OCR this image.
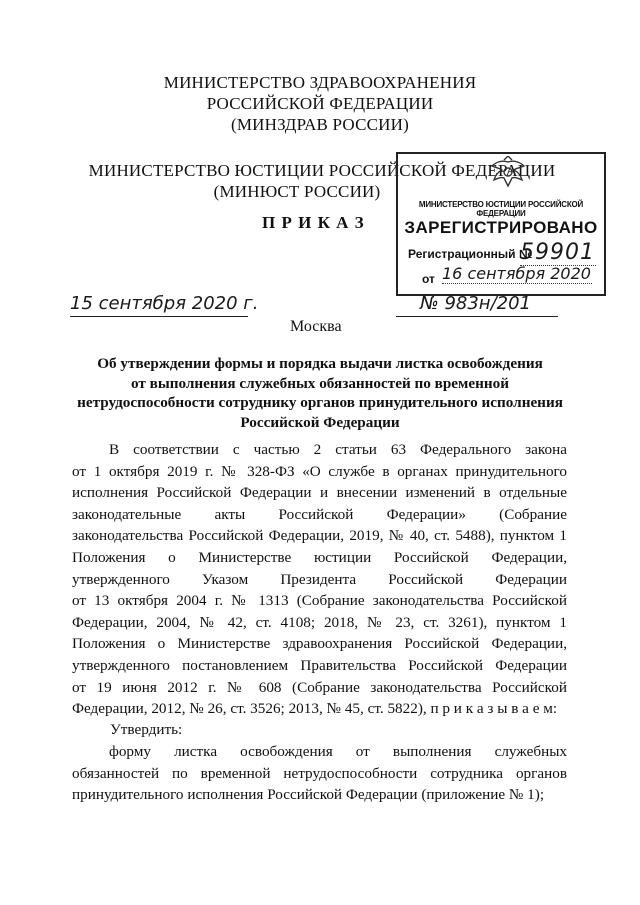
МИНИСТЕРСТВО ЗДРАВООХРАНЕНИЯ
РОССИЙСКОЙ ФЕДЕРАЦИИ
(МИНЗДРАВ РОССИИ)
МИНИСТЕРСТВО ЮСТИЦИИ РОССИЙСКОЙ ФЕДЕРАЦИИ
(МИНЮСТ РОССИИ)
П Р И К А З
МИНИСТЕРСТВО ЮСТИЦИИ РОССИЙСКОЙ ФЕДЕРАЦИИ
ЗАРЕГИСТРИРОВАНО
Регистрационный №
59901
от 16 сентября 2020
15 сентября 2020 г.	№ 983н/201
Москва
Об утверждении формы и порядка выдачи листка освобождения
от выполнения служебных обязанностей по временной
нетрудоспособности сотруднику органов принудительного исполнения
Российской Федерации
В соответствии с частью 2 статьи 63 Федерального закона
от 1 октября 2019 г. № 328-ФЗ «О службе в органах принудительного
исполнения Российской Федерации и внесении изменений в отдельные
законодательные акты Российской Федерации» (Собрание
законодательства Российской Федерации, 2019, № 40, ст. 5488), пунктом 1
Положения о Министерстве юстиции Российской Федерации,
утвержденного Указом Президента Российской Федерации
от 13 октября 2004 г. № 1313 (Собрание законодательства Российской
Федерации, 2004, № 42, ст. 4108; 2018, № 23, ст. 3261), пунктом 1
Положения о Министерстве здравоохранения Российской Федерации,
утвержденного постановлением Правительства Российской Федерации
от 19 июня 2012 г. № 608 (Собрание законодательства Российской
Федерации, 2012, № 26, ст. 3526; 2013, № 45, ст. 5822), п р и к а з ы в а е м:
Утвердить:
форму листка освобождения от выполнения служебных
обязанностей по временной нетрудоспособности сотрудника органов
принудительного исполнения Российской Федерации (приложение № 1);
